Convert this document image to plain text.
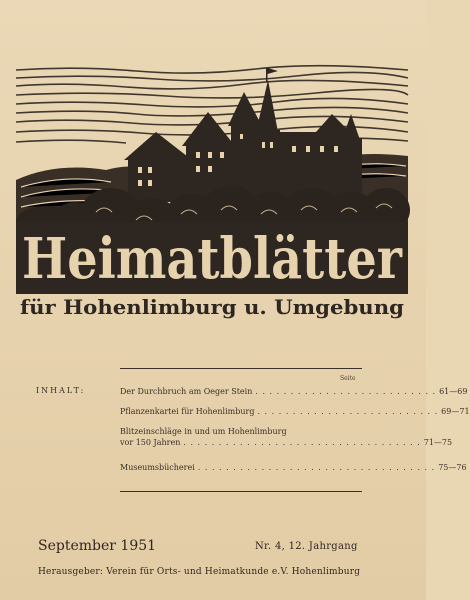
Heimatblätter
für Hohenlimburg u. Umgebung
Seite
INHALT:	Der Durchbruch am Oeger Stein . . . . . . . . . . . . . . . . . . . . . . . . . . 61—69
Pflanzenkartei für Hohenlimburg . . . . . . . . . . . . . . . . . . . . . . . . . . 69—71
Blitzeinschläge in und um Hohenlimburg
vor 150 Jahren . . . . . . . . . . . . . . . . . . . . . . . . . . . . . . . . . . 71—75
Museumsbücherei . . . . . . . . . . . . . . . . . . . . . . . . . . . . . . . . . . 75—76
September 1951	Nr. 4, 12. Jahrgang
Herausgeber: Verein für Orts- und Heimatkunde e.V. Hohenlimburg
